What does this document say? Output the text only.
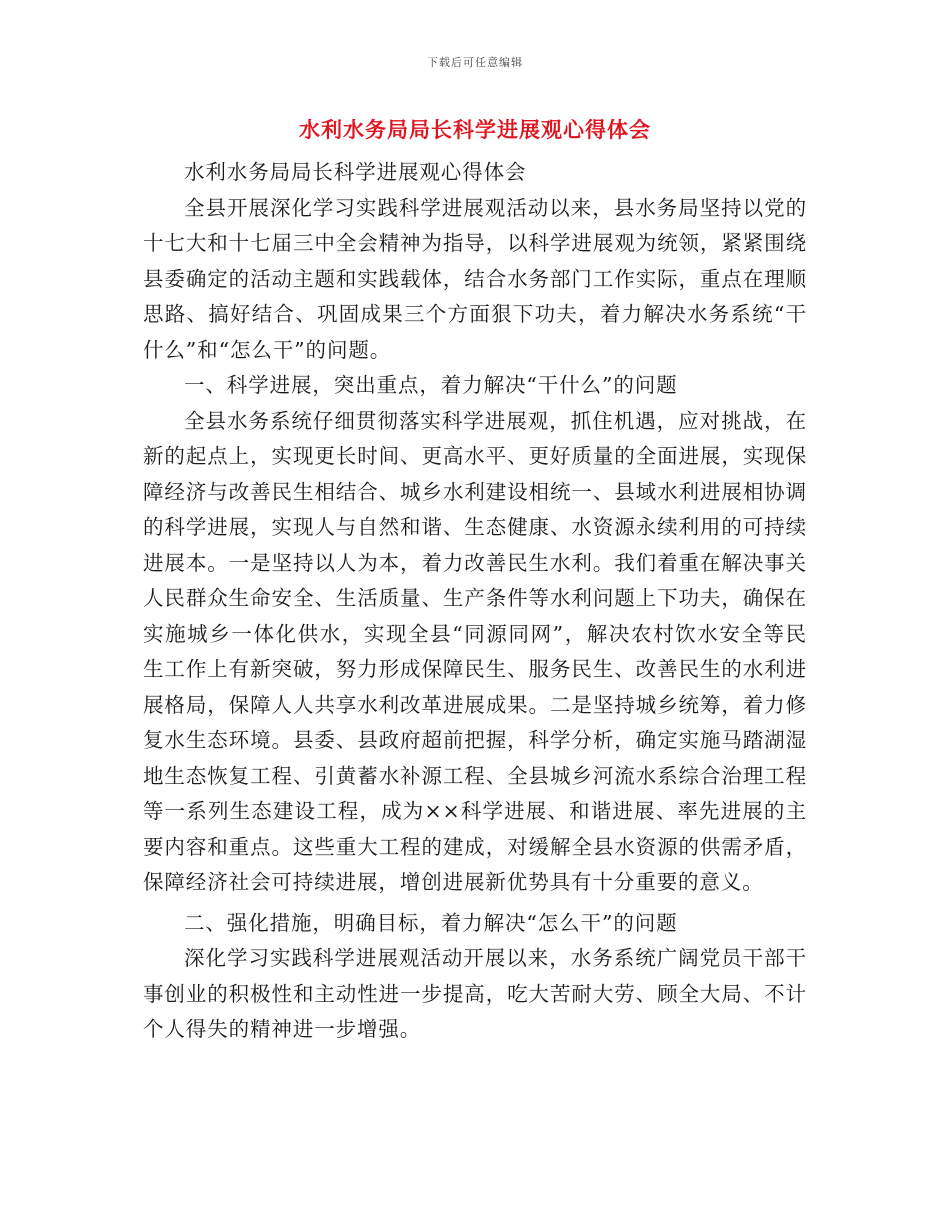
下载后可任意编辑
水利水务局局长科学进展观心得体会

水利水务局局长科学进展观心得体会

全县开展深化学习实践科学进展观活动以来，县水务局坚持以党的十七大和十七届三中全会精神为指导，以科学进展观为统领，紧紧围绕县委确定的活动主题和实践载体，结合水务部门工作实际，重点在理顺思路、搞好结合、巩固成果三个方面狠下功夫，着力解决水务系统“干什么”和“怎么干”的问题。

一、科学进展，突出重点，着力解决“干什么”的问题

全县水务系统仔细贯彻落实科学进展观，抓住机遇，应对挑战，在新的起点上，实现更长时间、更高水平、更好质量的全面进展，实现保障经济与改善民生相结合、城乡水利建设相统一、县域水利进展相协调的科学进展，实现人与自然和谐、生态健康、水资源永续利用的可持续进展本。一是坚持以人为本，着力改善民生水利。我们着重在解决事关人民群众生命安全、生活质量、生产条件等水利问题上下功夫，确保在实施城乡一体化供水，实现全县“同源同网”，解决农村饮水安全等民生工作上有新突破，努力形成保障民生、服务民生、改善民生的水利进展格局，保障人人共享水利改革进展成果。二是坚持城乡统筹，着力修复水生态环境。县委、县政府超前把握，科学分析，确定实施马踏湖湿地生态恢复工程、引黄蓄水补源工程、全县城乡河流水系综合治理工程等一系列生态建设工程，成为××科学进展、和谐进展、率先进展的主要内容和重点。这些重大工程的建成，对缓解全县水资源的供需矛盾，保障经济社会可持续进展，增创进展新优势具有十分重要的意义。

二、强化措施，明确目标，着力解决“怎么干”的问题

深化学习实践科学进展观活动开展以来，水务系统广阔党员干部干事创业的积极性和主动性进一步提高，吃大苦耐大劳、顾全大局、不计个人得失的精神进一步增强。
